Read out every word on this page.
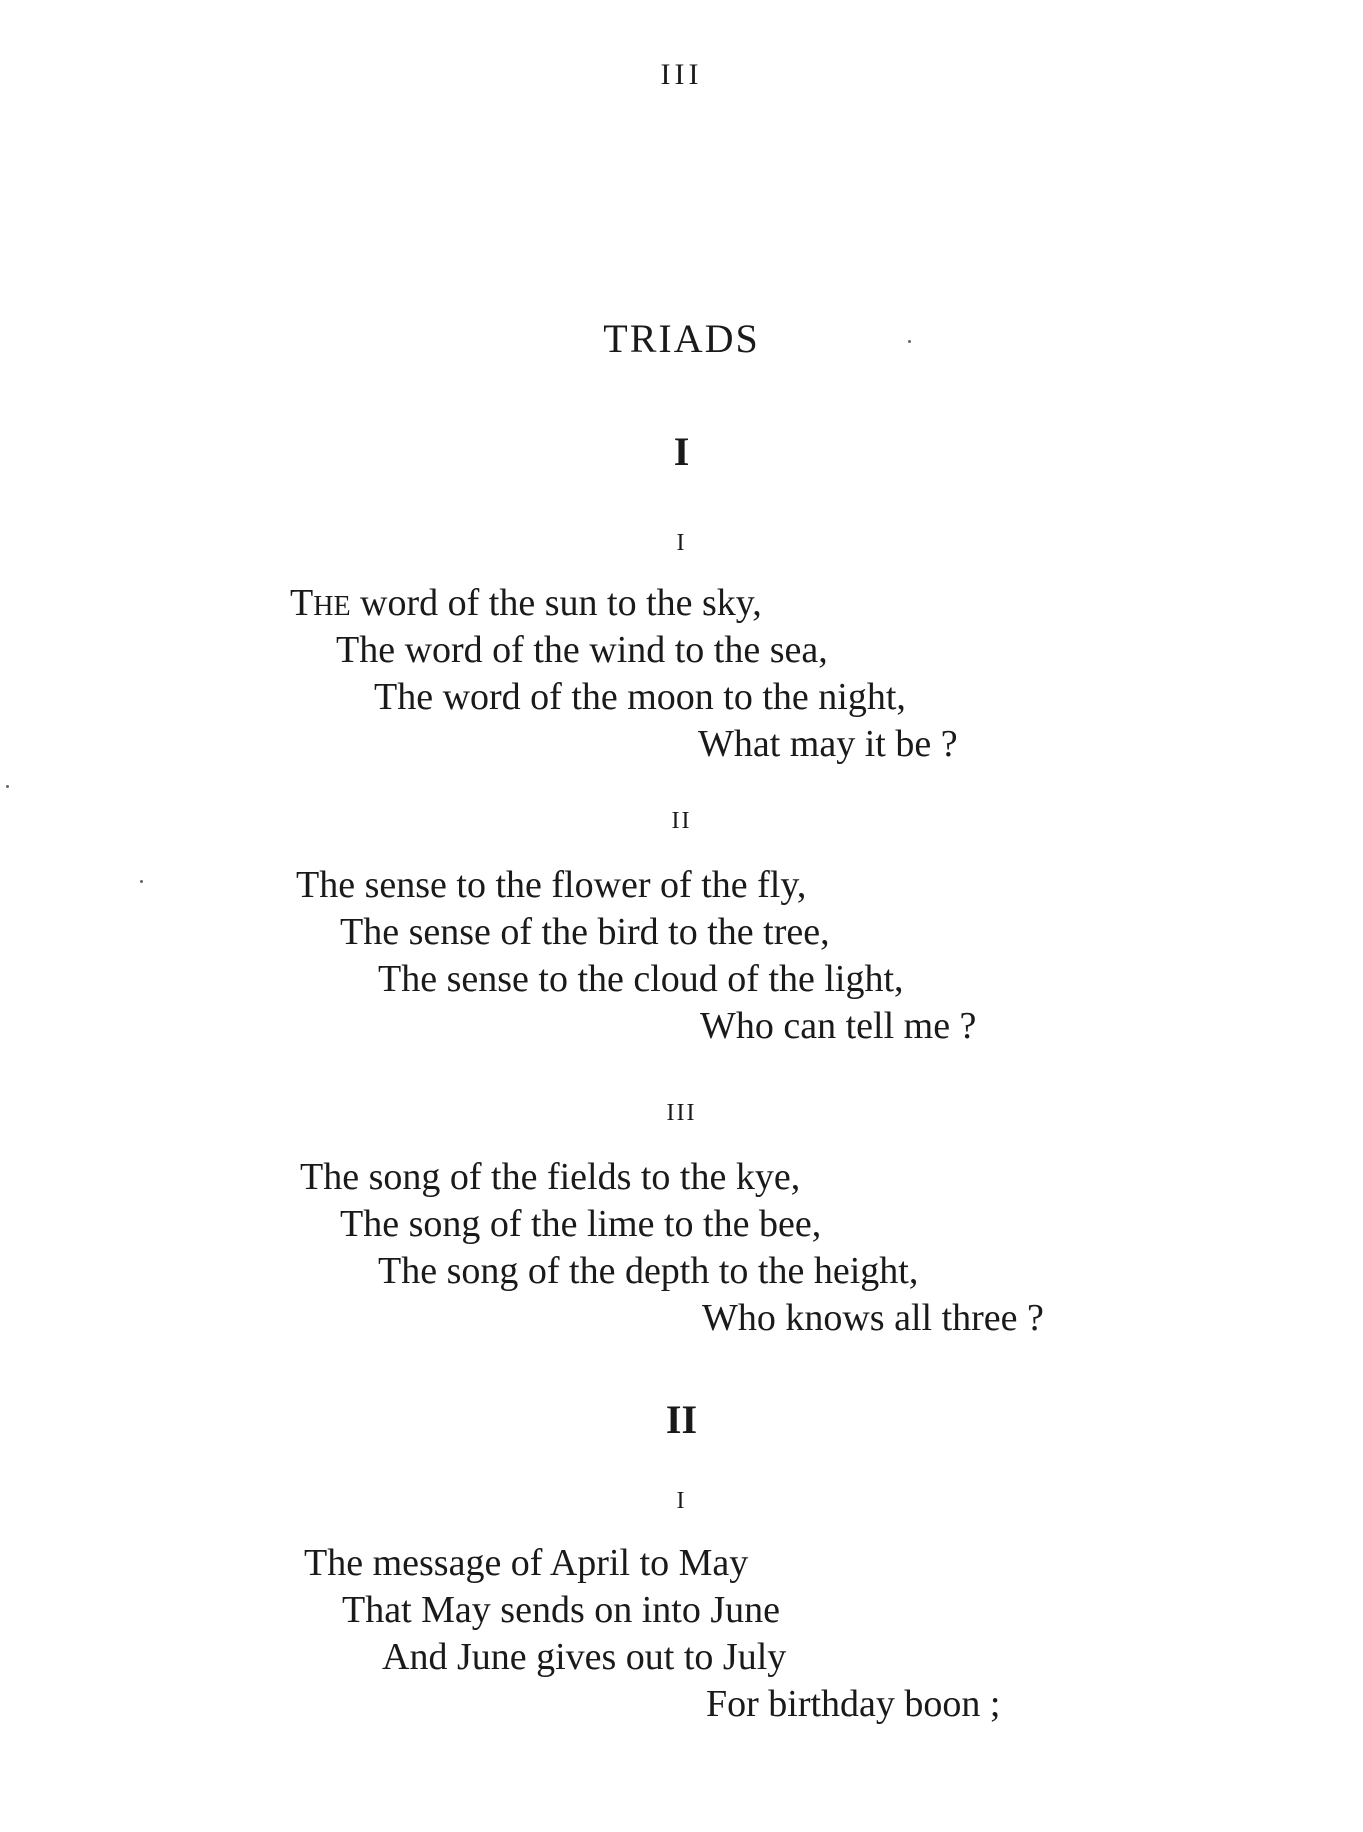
III
TRIADS
I
I
THE word of the sun to the sky,
The word of the wind to the sea,
The word of the moon to the night,
What may it be ?
II
The sense to the flower of the fly,
The sense of the bird to the tree,
The sense to the cloud of the light,
Who can tell me ?
III
The song of the fields to the kye,
The song of the lime to the bee,
The song of the depth to the height,
Who knows all three ?
II
I
The message of April to May
That May sends on into June
And June gives out to July
For birthday boon ;
